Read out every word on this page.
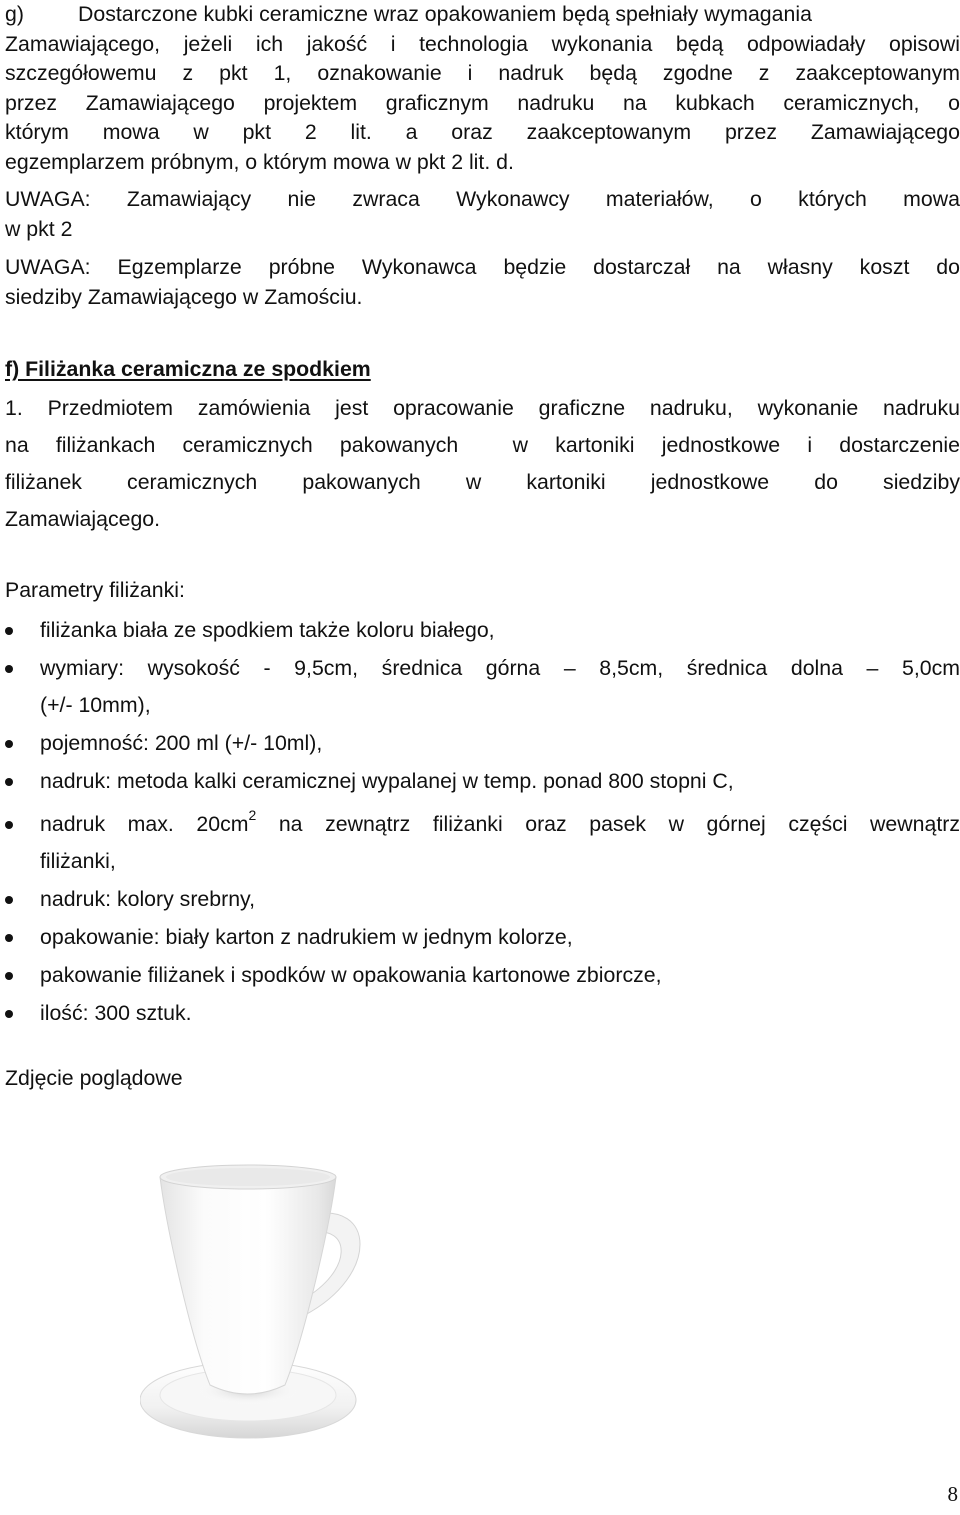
g)	Dostarczone kubki ceramiczne wraz opakowaniem będą spełniały wymagania

Zamawiającego, jeżeli ich jakość i technologia wykonania będą odpowiadały opisowi
szczegółowemu z pkt 1, oznakowanie i nadruk będą zgodne z zaakceptowanym
przez Zamawiającego projektem graficznym nadruku na kubkach ceramicznych, o
którym mowa w pkt 2 lit. a oraz zaakceptowanym przez Zamawiającego
egzemplarzem próbnym, o którym mowa w pkt 2 lit. d.

UWAGA: Zamawiający nie zwraca Wykonawcy materiałów, o których mowa
w pkt 2
UWAGA: Egzemplarze próbne Wykonawca będzie dostarczał na własny koszt do
siedziby Zamawiającego w Zamościu.
f) Filiżanka ceramiczna ze spodkiem
1. Przedmiotem zamówienia jest opracowanie graficzne nadruku, wykonanie nadruku
na filiżankach ceramicznych pakowanych  w kartoniki jednostkowe i dostarczenie
filiżanek ceramicznych pakowanych w kartoniki jednostkowe do siedziby
Zamawiającego.
Parametry filiżanki:
filiżanka biała ze spodkiem także koloru białego,
wymiary: wysokość - 9,5cm, średnica górna – 8,5cm, średnica dolna – 5,0cm
(+/- 10mm),
pojemność: 200 ml (+/- 10ml),
nadruk: metoda kalki ceramicznej wypalanej w temp. ponad 800 stopni C,
nadruk max. $20cm^2$ na zewnątrz filiżanki oraz pasek w górnej części wewnątrz
filiżanki,
nadruk: kolory srebrny,
opakowanie: biały karton z nadrukiem w jednym kolorze,
pakowanie filiżanek i spodków w opakowania kartonowe zbiorcze,
ilość: 300 sztuk.
Zdjęcie poglądowe
8
